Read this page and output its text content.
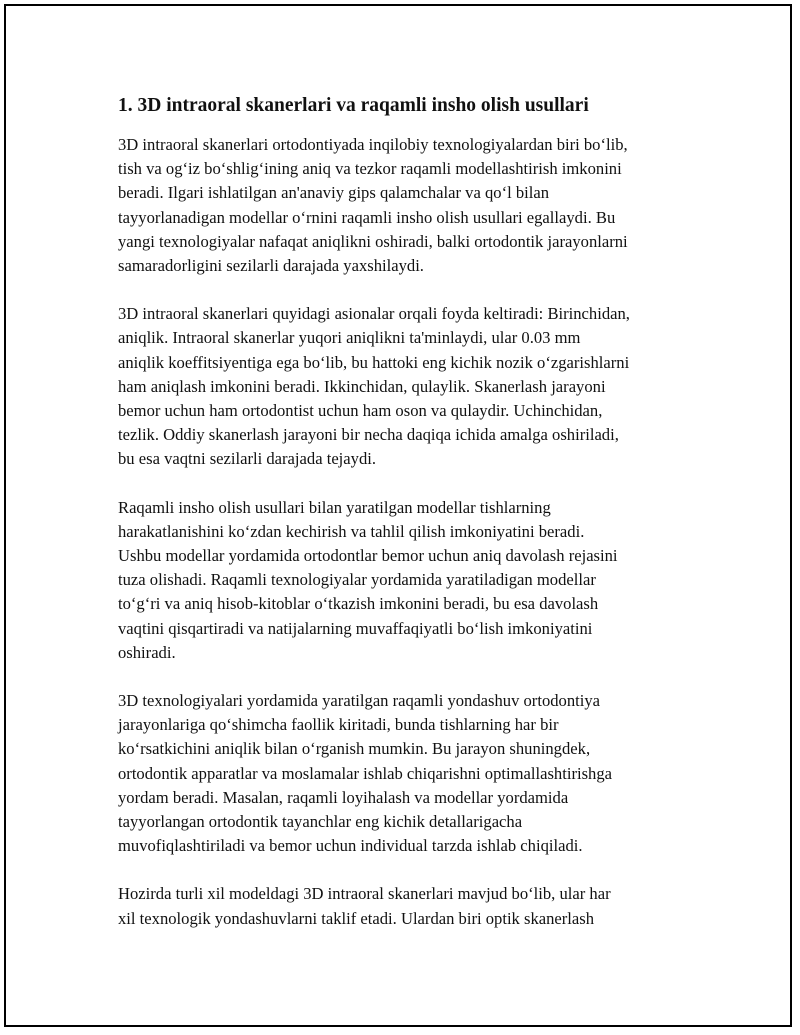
1. 3D intraoral skanerlari va raqamli insho olish usullari
3D intraoral skanerlari ortodontiyada inqilobiy texnologiyalardan biri bo‘lib,
tish va og‘iz bo‘shlig‘ining aniq va tezkor raqamli modellashtirish imkonini
beradi. Ilgari ishlatilgan an'anaviy gips qalamchalar va qo‘l bilan
tayyorlanadigan modellar o‘rnini raqamli insho olish usullari egallaydi. Bu
yangi texnologiyalar nafaqat aniqlikni oshiradi, balki ortodontik jarayonlarni
samaradorligini sezilarli darajada yaxshilaydi.
3D intraoral skanerlari quyidagi asionalar orqali foyda keltiradi: Birinchidan,
aniqlik. Intraoral skanerlar yuqori aniqlikni ta'minlaydi, ular 0.03 mm
aniqlik koeffitsiyentiga ega bo‘lib, bu hattoki eng kichik nozik o‘zgarishlarni
ham aniqlash imkonini beradi. Ikkinchidan, qulaylik. Skanerlash jarayoni
bemor uchun ham ortodontist uchun ham oson va qulaydir. Uchinchidan,
tezlik. Oddiy skanerlash jarayoni bir necha daqiqa ichida amalga oshiriladi,
bu esa vaqtni sezilarli darajada tejaydi.
Raqamli insho olish usullari bilan yaratilgan modellar tishlarning
harakatlanishini ko‘zdan kechirish va tahlil qilish imkoniyatini beradi.
Ushbu modellar yordamida ortodontlar bemor uchun aniq davolash rejasini
tuza olishadi. Raqamli texnologiyalar yordamida yaratiladigan modellar
to‘g‘ri va aniq hisob-kitoblar o‘tkazish imkonini beradi, bu esa davolash
vaqtini qisqartiradi va natijalarning muvaffaqiyatli bo‘lish imkoniyatini
oshiradi.
3D texnologiyalari yordamida yaratilgan raqamli yondashuv ortodontiya
jarayonlariga qo‘shimcha faollik kiritadi, bunda tishlarning har bir
ko‘rsatkichini aniqlik bilan o‘rganish mumkin. Bu jarayon shuningdek,
ortodontik apparatlar va moslamalar ishlab chiqarishni optimallashtirishga
yordam beradi. Masalan, raqamli loyihalash va modellar yordamida
tayyorlangan ortodontik tayanchlar eng kichik detallarigacha
muvofiqlashtiriladi va bemor uchun individual tarzda ishlab chiqiladi.
Hozirda turli xil modeldagi 3D intraoral skanerlari mavjud bo‘lib, ular har
xil texnologik yondashuvlarni taklif etadi. Ulardan biri optik skanerlash
